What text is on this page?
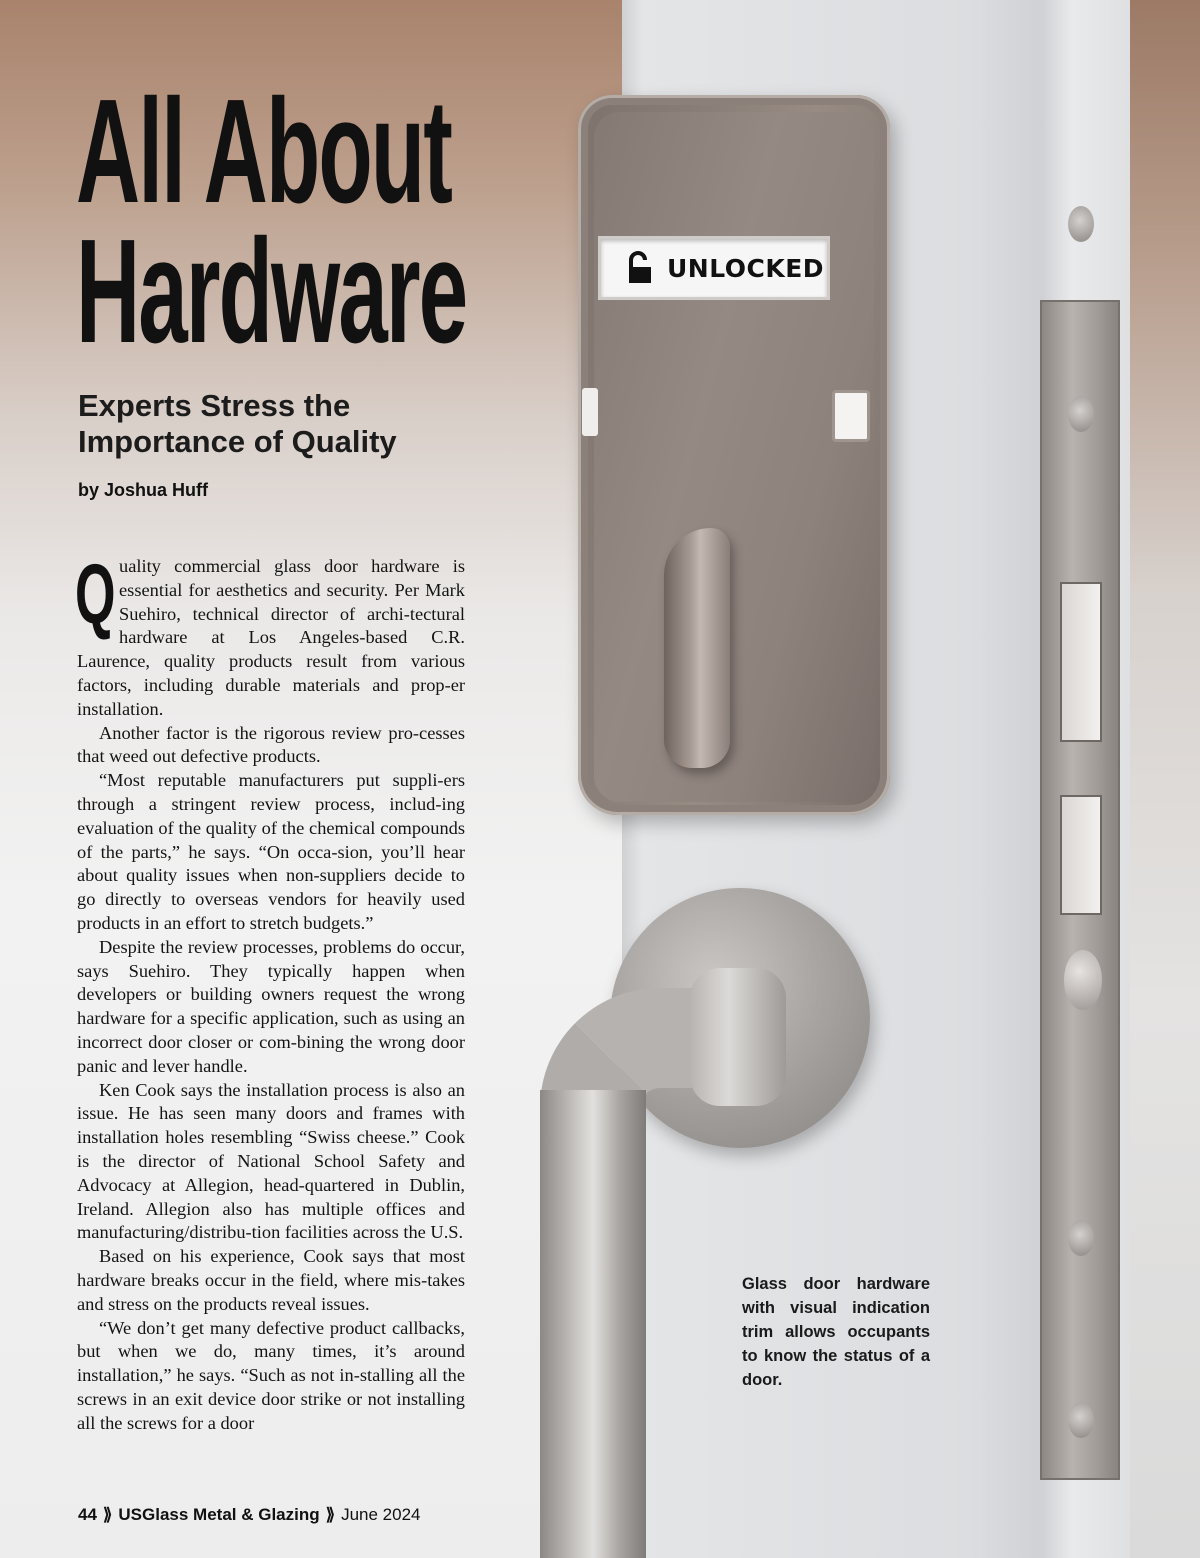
UNLOCKED
All About
Hardware
Experts Stress the
Importance of Quality
by Joshua Huff

Quality commercial glass door hardware is essential for aesthetics and security. Per Mark Suehiro, technical director of archi-tectural hardware at Los Angeles-based C.R. Laurence, quality products result from various factors, including durable materials and prop-er installation.

Another factor is the rigorous review pro-cesses that weed out defective products.

“Most reputable manufacturers put suppli-ers through a stringent review process, includ-ing evaluation of the quality of the chemical compounds of the parts,” he says. “On occa-sion, you’ll hear about quality issues when non-suppliers decide to go directly to overseas vendors for heavily used products in an effort to stretch budgets.”

Despite the review processes, problems do occur, says Suehiro. They typically happen when developers or building owners request the wrong hardware for a specific application, such as using an incorrect door closer or com-bining the wrong door panic and lever handle.

Ken Cook says the installation process is also an issue. He has seen many doors and frames with installation holes resembling “Swiss cheese.” Cook is the director of National School Safety and Advocacy at Allegion, head-quartered in Dublin, Ireland. Allegion also has multiple offices and manufacturing/distribu-tion facilities across the U.S.

Based on his experience, Cook says that most hardware breaks occur in the field, where mis-takes and stress on the products reveal issues.

“We don’t get many defective product callbacks, but when we do, many times, it’s around installation,” he says. “Such as not in-stalling all the screws in an exit device door strike or not installing all the screws for a door

Glass door hardware with visual indication trim allows occupants to know the status of a door.
44 ⟫ USGlass Metal & Glazing ⟫ June 2024
